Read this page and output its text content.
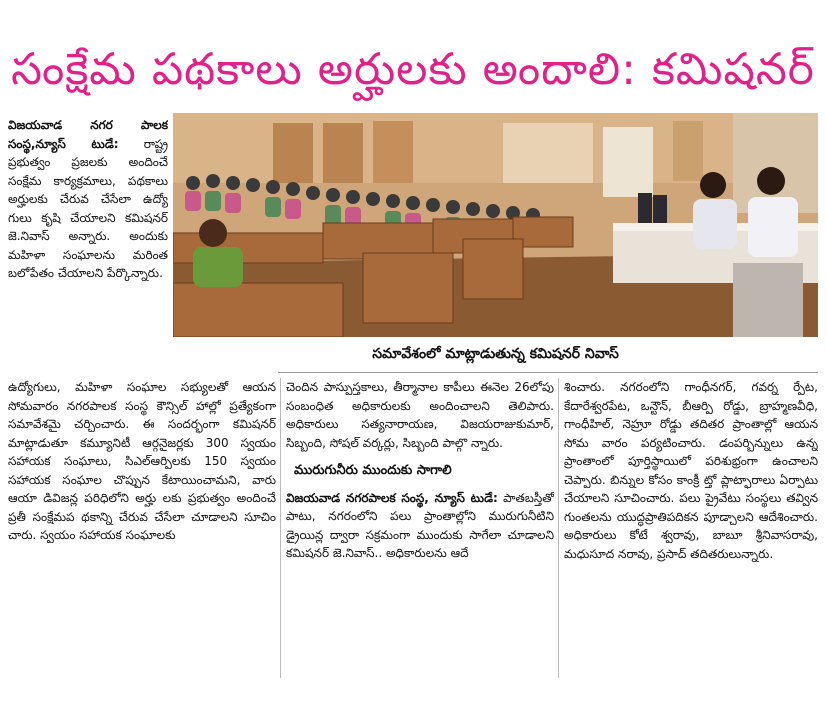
సంక్షేమ పథకాలు అర్హులకు అందాలి: కమిషనర్
సమావేశంలో మాట్లాడుతున్న కమిషనర్ నివాస్

విజయవాడ నగర పాలక సంస్థ,న్యూస్ టుడే: రాష్ట్ర ప్రభుత్వం ప్రజలకు అందించే సంక్షేమ కార్యక్రమాలు, పథకాలు అర్హులకు చేరువ చేసేలా ఉద్యో గులు కృషి చేయాలని కమిషనర్ జె.నివాస్ అన్నారు. అందుకు మహిళా సంఘాలను మరింత బలోపేతం చేయాలని పేర్కొన్నారు.

ఉద్యోగులు, మహిళా సంఘాల సభ్యులతో ఆయన సోమవారం నగరపాలక సంస్థ కౌన్సిల్ హాల్లో ప్రత్యేకంగా సమావేశమై చర్చించారు. ఈ సందర్భంగా కమిషనర్ మాట్లాడుతూ కమ్యూనిటీ ఆర్గనైజర్లకు 300 స్వయం సహాయక సంఘాలు, సిఎల్ఆర్పిలకు 150 స్వయం సహాయక సంఘాల చొప్పున కేటాయించామని, వారు ఆయా డివిజన్ల పరిధిలోని అర్హు లకు ప్రభుత్వం అందించే ప్రతీ సంక్షేమప థకాన్ని చేరువ చేసేలా చూడాలని సూచిం చారు. స్వయం సహాయక సంఘాలకు

చెందిన పాస్పుస్తకాలు, తీర్మానాల కాపీలు ఈనెల 26లోపు సంబంధిత అధికారులకు అందించాలని తెలిపారు. అధికారులు సత్యనారాయణ, విజయరాజుకుమార్, సిబ్బంది, సోషల్ వర్కర్లు, సిబ్బంది పాల్గొ న్నారు.

మురుగునీరు ముందుకు సాగాలి

విజయవాడ నగరపాలక సంస్థ, న్యూస్ టుడే: పాతబస్తీతో పాటు, నగరంలోని పలు ప్రాంతాల్లోని మురుగునీటిని డ్రైయిన్ల ద్వారా సక్రమంగా ముందుకు సాగేలా చూడాలని కమిషనర్ జె.నివాస్.. అధికారులను ఆదే

శించారు. నగరంలోని గాంధీనగర్, గవర్న ర్పేట, కేదారేశ్వరపేట, ఒన్టౌన్, బీఆర్పి రోడ్డు, బ్రాహ్మణవీధి, గాంధీహిల్, నెహ్రూ రోడ్డు తదితర ప్రాంతాల్లో ఆయన సోమ వారం పర్యటించారు. డంపర్బిన్నులు ఉన్న ప్రాంతాంలో పూర్తిస్థాయిలో పరిశుభ్రంగా ఉంచాలని చెప్పారు. బిన్నుల కోసం కాంక్రీ ట్తో ప్లాట్ఫారాలు ఏర్పాటు చేయాలని సూచించారు. పలు ప్రైవేటు సంస్థలు తవ్విన గుంతలను యుద్ధప్రాతిపదికన పూడ్చాలని ఆదేశించారు. అధికారులు కోటే శ్వరావు, బాబూ శ్రీనివాసరావు, మధుసూద నరావు, ప్రసాద్ తదితరులున్నారు.
